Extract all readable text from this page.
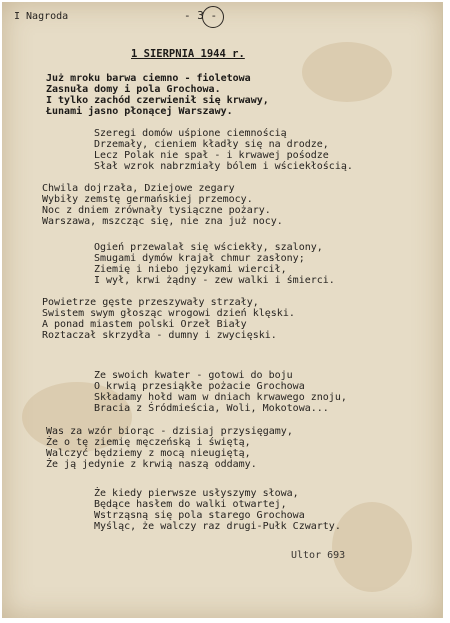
I Nagroda	- 3 -
1 SIERPNIA 1944 r.
Już mroku barwa ciemno - fioletowa
Zasnuła domy i pola Grochowa.
I tylko zachód czerwienił się krwawy,
Łunami jasno płonącej Warszawy.
Szeregi domów uśpione ciemnością
Drzemały, cieniem kładły się na drodze,
Lecz Polak nie spał - i krwawej pośodze
Słał wzrok nabrzmiały bólem i wściekłością.
Chwila dojrzała, Dziejowe zegary
Wybiły zemstę germańskiej przemocy.
Noc z dniem zrównały tysiączne pożary.
Warszawa, mszcząc się, nie zna już nocy.
Ogień przewalał się wściekły, szalony,
Smugami dymów krajał chmur zasłony;
Ziemię i niebo językami wiercił,
I wył, krwi żądny - zew walki i śmierci.
Powietrze gęste przeszywały strzały,
Swistem swym głosząc wrogowi dzień klęski.
A ponad miastem polski Orzeł Biały
Roztaczał skrzydła - dumny i zwycięski.
Ze swoich kwater - gotowi do boju
O krwią przesiąkłe pożacie Grochowa
Składamy hołd wam w dniach krwawego znoju,
Bracia z Śródmieścia, Woli, Mokotowa...
Was za wzór biorąc - dzisiaj przysięgamy,
Że o tę ziemię męczeńską i świętą,
Walczyć będziemy z mocą nieugiętą,
Że ją jedynie z krwią naszą oddamy.
Że kiedy pierwsze usłyszymy słowa,
Będące hasłem do walki otwartej,
Wstrząsną się pola starego Grochowa
Myśląc, że walczy raz drugi-Pułk Czwarty.
Ultor 693
